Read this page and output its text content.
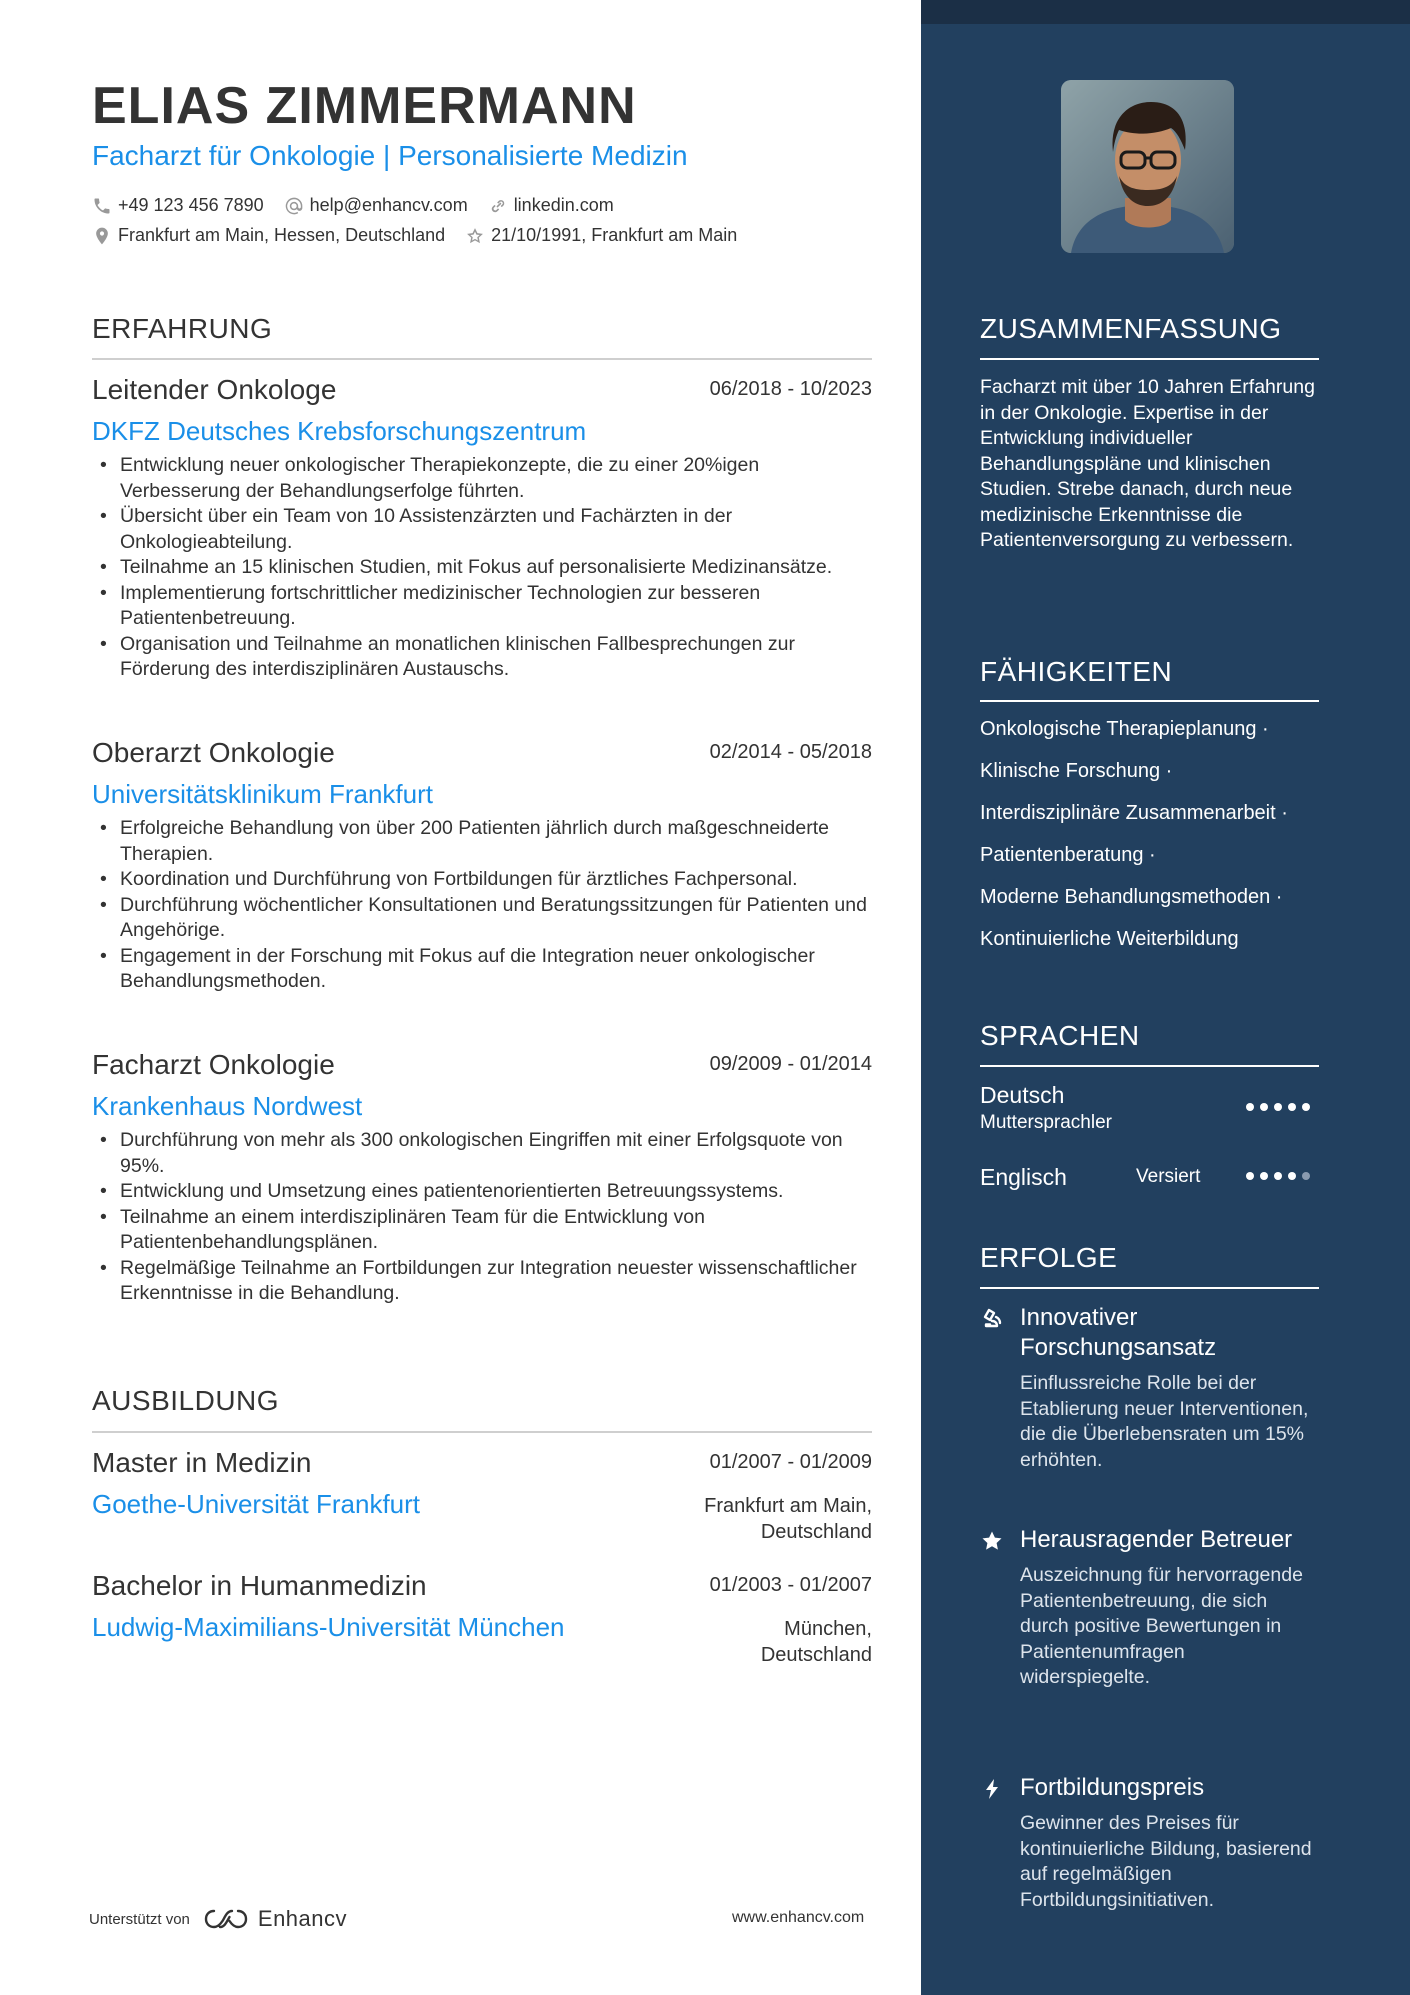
ELIAS ZIMMERMANN
Facharzt für Onkologie | Personalisierte Medizin
+49 123 456 7890	help@enhancv.com	linkedin.com
Frankfurt am Main, Hessen, Deutschland	21/10/1991, Frankfurt am Main
ERFAHRUNG
Leitender Onkologe	06/2018 - 10/2023
DKFZ Deutsches Krebsforschungszentrum
• Entwicklung neuer onkologischer Therapiekonzepte, die zu einer 20%igen Verbesserung der Behandlungserfolge führten.
• Übersicht über ein Team von 10 Assistenzärzten und Fachärzten in der Onkologieabteilung.
• Teilnahme an 15 klinischen Studien, mit Fokus auf personalisierte Medizinansätze.
• Implementierung fortschrittlicher medizinischer Technologien zur besseren Patientenbetreuung.
• Organisation und Teilnahme an monatlichen klinischen Fallbesprechungen zur Förderung des interdisziplinären Austauschs.
Oberarzt Onkologie	02/2014 - 05/2018
Universitätsklinikum Frankfurt
• Erfolgreiche Behandlung von über 200 Patienten jährlich durch maßgeschneiderte Therapien.
• Koordination und Durchführung von Fortbildungen für ärztliches Fachpersonal.
• Durchführung wöchentlicher Konsultationen und Beratungssitzungen für Patienten und Angehörige.
• Engagement in der Forschung mit Fokus auf die Integration neuer onkologischer Behandlungsmethoden.
Facharzt Onkologie	09/2009 - 01/2014
Krankenhaus Nordwest
• Durchführung von mehr als 300 onkologischen Eingriffen mit einer Erfolgsquote von 95%.
• Entwicklung und Umsetzung eines patientenorientierten Betreuungssystems.
• Teilnahme an einem interdisziplinären Team für die Entwicklung von Patientenbehandlungsplänen.
• Regelmäßige Teilnahme an Fortbildungen zur Integration neuester wissenschaftlicher Erkenntnisse in die Behandlung.
AUSBILDUNG
Master in Medizin	01/2007 - 01/2009
Goethe-Universität Frankfurt	Frankfurt am Main,
Deutschland
Bachelor in Humanmedizin	01/2003 - 01/2007
Ludwig-Maximilians-Universität München	München,
Deutschland
Unterstützt von	Enhancv	www.enhancv.com
ZUSAMMENFASSUNG
Facharzt mit über 10 Jahren Erfahrung in der Onkologie. Expertise in der Entwicklung individueller Behandlungspläne und klinischen Studien. Strebe danach, durch neue medizinische Erkenntnisse die Patientenversorgung zu verbessern.
FÄHIGKEITEN
Onkologische Therapieplanung ·
Klinische Forschung ·
Interdisziplinäre Zusammenarbeit ·
Patientenberatung ·
Moderne Behandlungsmethoden ·
Kontinuierliche Weiterbildung
SPRACHEN
Deutsch
Muttersprachler
Englisch	Versiert
ERFOLGE
Innovativer Forschungsansatz
Einflussreiche Rolle bei der Etablierung neuer Interventionen, die die Überlebensraten um 15% erhöhten.
Herausragender Betreuer
Auszeichnung für hervorragende Patientenbetreuung, die sich durch positive Bewertungen in Patientenumfragen widerspiegelte.
Fortbildungspreis
Gewinner des Preises für kontinuierliche Bildung, basierend auf regelmäßigen Fortbildungsinitiativen.
